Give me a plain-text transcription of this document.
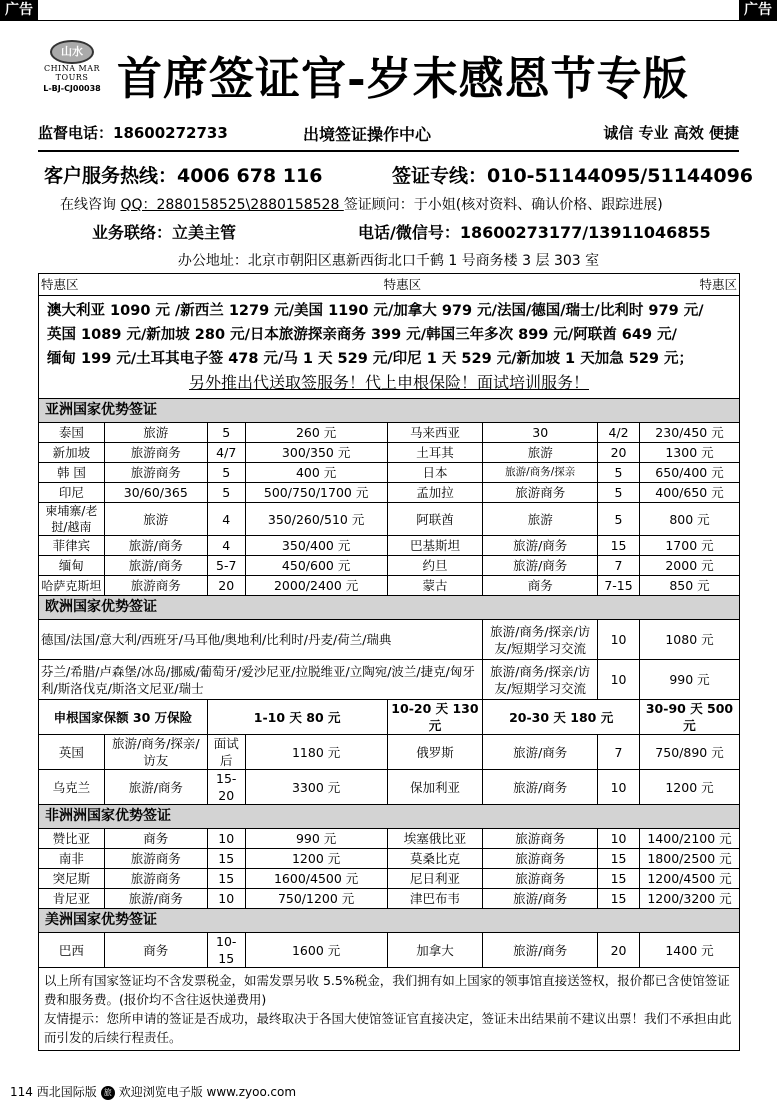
广告	广告
山水
CHINA MAR
TOURS
L-BJ-CJ00038 首席签证官-岁末感恩节专版
监督电话：18600272733	出境签证操作中心	诚信 专业 高效 便捷
客户服务热线：4006 678 116	签证专线：010-51144095/51144096
在线咨询 QQ：2880158525\2880158528 签证顾问：于小姐(核对资料、确认价格、跟踪进展)
业务联络：立美主管	电话/微信号：18600273177/13911046855
办公地址：北京市朝阳区惠新西街北口千鹤 1 号商务楼 3 层 303 室
特惠区		特惠区				特惠区	

澳大利亚 1090 元 /新西兰 1279 元/美国 1190 元/加拿大 979 元/法国/德国/瑞士/比利时 979 元/
英国 1089 元/新加坡 280 元/日本旅游探亲商务 399 元/韩国三年多次 899 元/阿联酋 649 元/
缅甸 199 元/土耳其电子签 478 元/马 1 天 529 元/印尼 1 天 529 元/新加坡 1 天加急 529 元；
另外推出代送取签服务！代上申根保险！面试培训服务！							

亚洲国家优势签证							
泰国	旅游	5	260 元	马来西亚	30	4/2	230/450 元
新加坡	旅游商务	4/7	300/350 元	土耳其	旅游	20	1300 元
韩 国	旅游商务	5	400 元	日本	旅游/商务/探亲	5	650/400 元
印尼	30/60/365	5	500/750/1700 元	孟加拉	旅游商务	5	400/650 元
柬埔寨/老挝/越南	旅游	4	350/260/510 元	阿联酋	旅游	5	800 元
菲律宾	旅游/商务	4	350/400 元	巴基斯坦	旅游/商务	15	1700 元
缅甸	旅游/商务	5-7	450/600 元	约旦	旅游/商务	7	2000 元
哈萨克斯坦	旅游商务	20	2000/2400 元	蒙古	商务	7-15	850 元
欧洲国家优势签证							
德国/法国/意大利/西班牙/马耳他/奥地利/比利时/丹麦/荷兰/瑞典					旅游/商务/探亲/访友/短期学习交流	10	1080 元
芬兰/希腊/卢森堡/冰岛/挪威/葡萄牙/爱沙尼亚/拉脱维亚/立陶宛/波兰/捷克/匈牙利/斯洛伐克/斯洛文尼亚/瑞士					旅游/商务/探亲/访友/短期学习交流	10	990 元
申根国家保额 30 万保险		1-10 天 80 元		10-20 天 130 元	20-30 天 180 元		30-90 天 500 元
英国	旅游/商务/探亲/访友	面试后	1180 元	俄罗斯	旅游/商务	7	750/890 元
乌克兰	旅游/商务	15-20	3300 元	保加利亚	旅游/商务	10	1200 元
非洲洲国家优势签证							
赞比亚	商务	10	990 元	埃塞俄比亚	旅游商务	10	1400/2100 元
南非	旅游商务	15	1200 元	莫桑比克	旅游商务	15	1800/2500 元
突尼斯	旅游商务	15	1600/4500 元	尼日利亚	旅游商务	15	1200/4500 元
肯尼亚	旅游/商务	10	750/1200 元	津巴布韦	旅游/商务	15	1200/3200 元
美洲国家优势签证							
巴西	商务	10-15	1600 元	加拿大	旅游/商务	20	1400 元

以上所有国家签证均不含发票税金，如需发票另收 5.5%税金，我们拥有如上国家的领事馆直接送签权，报价都已含使馆签证费和服务费。(报价均不含往返快递费用)
友情提示：您所申请的签证是否成功，最终取决于各国大使馆签证官直接决定，签证未出结果前不建议出票！我们不承担由此而引发的后续行程责任。							
114 西北国际版 旅 欢迎浏览电子版 www.zyoo.com
